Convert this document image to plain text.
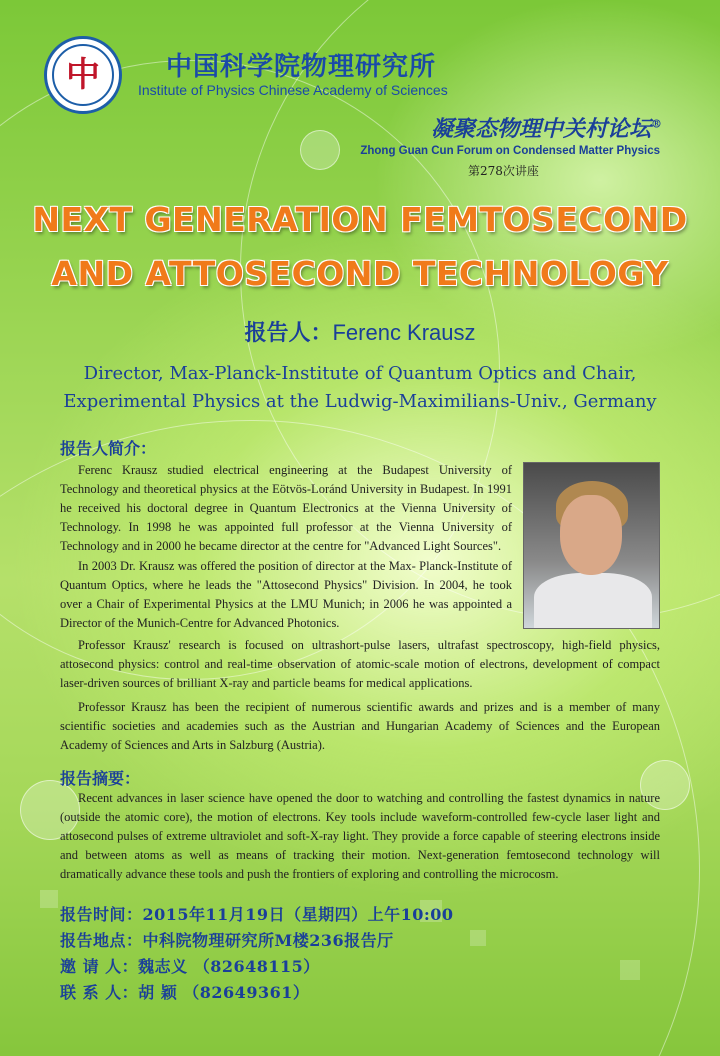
中	中国科学院物理研究所
Institute of Physics Chinese Academy of Sciences
凝聚态物理中关村论坛®
Zhong Guan Cun Forum on Condensed Matter Physics
第278次讲座
NEXT GENERATION FEMTOSECOND
AND ATTOSECOND TECHNOLOGY
报告人：Ferenc Krausz
Director, Max-Planck-Institute of Quantum Optics and Chair,
Experimental Physics at the Ludwig-Maximilians-Univ., Germany
报告人简介：
Ferenc Krausz studied electrical engineering at the Budapest University of Technology and theoretical physics at the Eötvös-Loránd University in Budapest. In 1991 he received his doctoral degree in Quantum Electronics at the Vienna University of Technology. In 1998 he was appointed full professor at the Vienna University of Technology and in 2000 he became director at the centre for "Advanced Light Sources".
In 2003 Dr. Krausz was offered the position of director at the Max- Planck-Institute of Quantum Optics, where he leads the "Attosecond Physics" Division. In 2004, he took over a Chair of Experimental Physics at the LMU Munich; in 2006 he was appointed a Director of the Munich-Centre for Advanced Photonics.
Professor Krausz' research is focused on ultrashort-pulse lasers, ultrafast spectroscopy, high-field physics, attosecond physics: control and real-time observation of atomic-scale motion of electrons, development of compact laser-driven sources of brilliant X-ray and particle beams for medical applications.
Professor Krausz has been the recipient of numerous scientific awards and prizes and is a member of many scientific societies and academies such as the Austrian and Hungarian Academy of Sciences and the European Academy of Sciences and Arts in Salzburg (Austria).
报告摘要：
Recent advances in laser science have opened the door to watching and controlling the fastest dynamics in nature (outside the atomic core), the motion of electrons. Key tools include waveform-controlled few-cycle laser light and attosecond pulses of extreme ultraviolet and soft-X-ray light. They provide a force capable of steering electrons inside and between atoms as well as means of tracking their motion. Next-generation femtosecond technology will dramatically advance these tools and push the frontiers of exploring and controlling the microcosm.
报告时间：2015年11月19日（星期四）上午10:00
报告地点：中科院物理研究所M楼236报告厅
邀 请 人：魏志义 （82648115）
联 系 人：胡 颖 （82649361）
